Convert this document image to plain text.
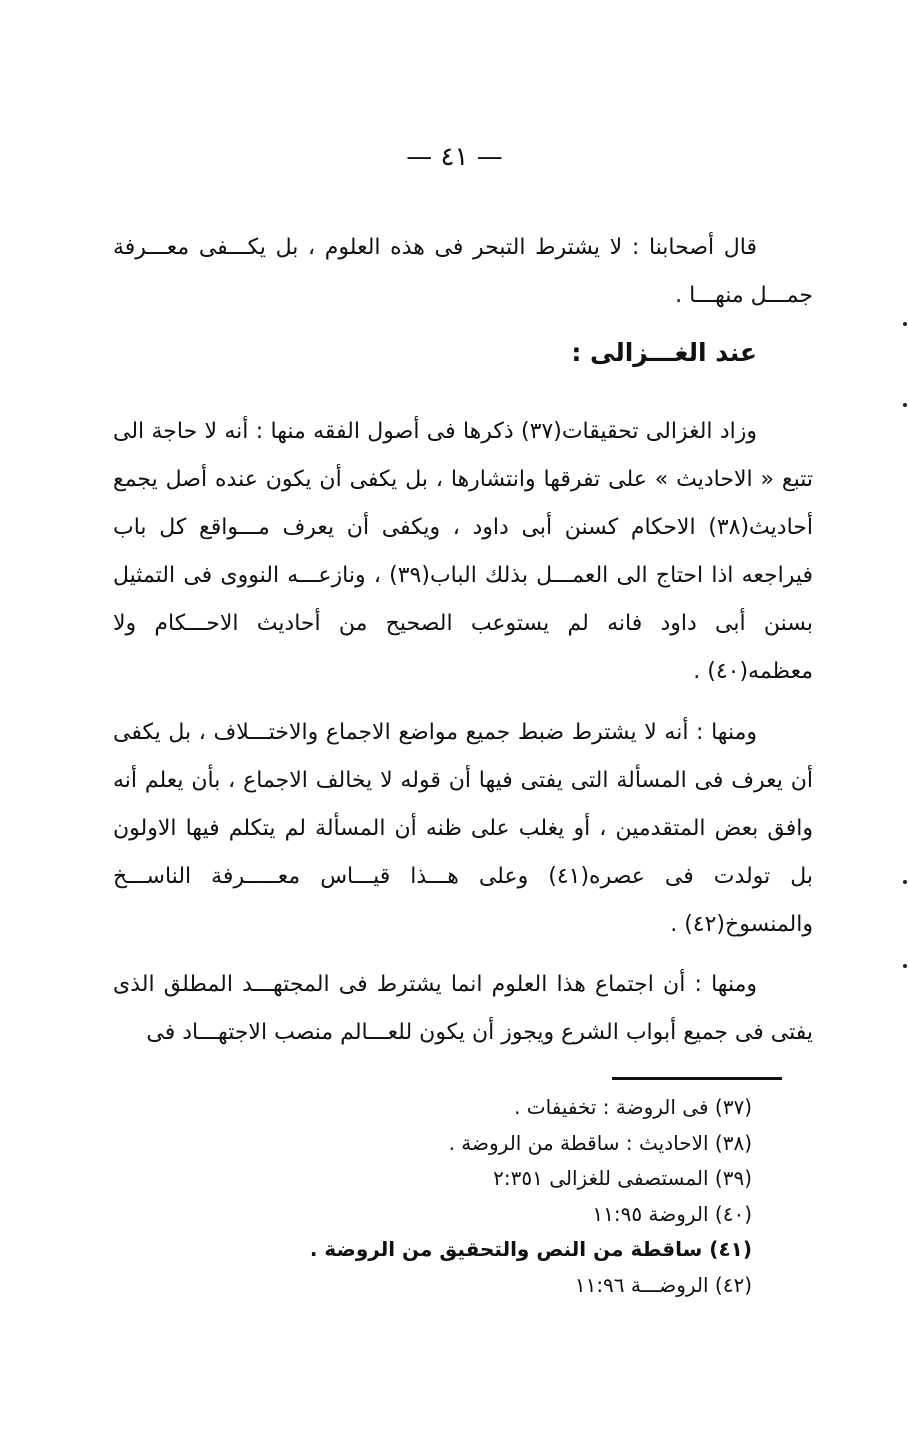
— ٤١ —

قال أصحابنا : لا يشترط التبحر فى هذه العلوم ، بل يكـــفى معـــرفة جمـــل منهـــا .

عند الغـــزالى :

وزاد الغزالى تحقيقات(٣٧) ذكرها فى أصول الفقه منها : أنه لا حاجة الى تتبع « الاحاديث » على تفرقها وانتشارها ، بل يكفى أن يكون عنده أصل يجمع أحاديث(٣٨) الاحكام كسنن أبى داود ، ويكفى أن يعرف مـــواقع كل باب فيراجعه اذا احتاج الى العمـــل بذلك الباب(٣٩) ، ونازعـــه النووى فى التمثيل بسنن أبى داود فانه لم يستوعب الصحيح من أحاديث الاحـــكام ولا معظمه(٤٠) .

ومنها : أنه لا يشترط ضبط جميع مواضع الاجماع والاختـــلاف ، بل يكفى أن يعرف فى المسألة التى يفتى فيها أن قوله لا يخالف الاجماع ، بأن يعلم أنه وافق بعض المتقدمين ، أو يغلب على ظنه أن المسألة لم يتكلم فيها الاولون بل تولدت فى عصره(٤١) وعلى هـــذا قيـــاس معـــــرفة الناســـخ والمنسوخ(٤٢) .

ومنها : أن اجتماع هذا العلوم انما يشترط فى المجتهـــد المطلق الذى يفتى فى جميع أبواب الشرع ويجوز أن يكون للعـــالم منصب الاجتهـــاد فى

(٣٧) فى الروضة : تخفيفات .
(٣٨) الاحاديث : ساقطة من الروضة .
(٣٩) المستصفى للغزالى ٢:٣٥١
(٤٠) الروضة ١١:٩٥
(٤١) ساقطة من النص والتحقيق من الروضة .
(٤٢) الروضـــة ١١:٩٦
